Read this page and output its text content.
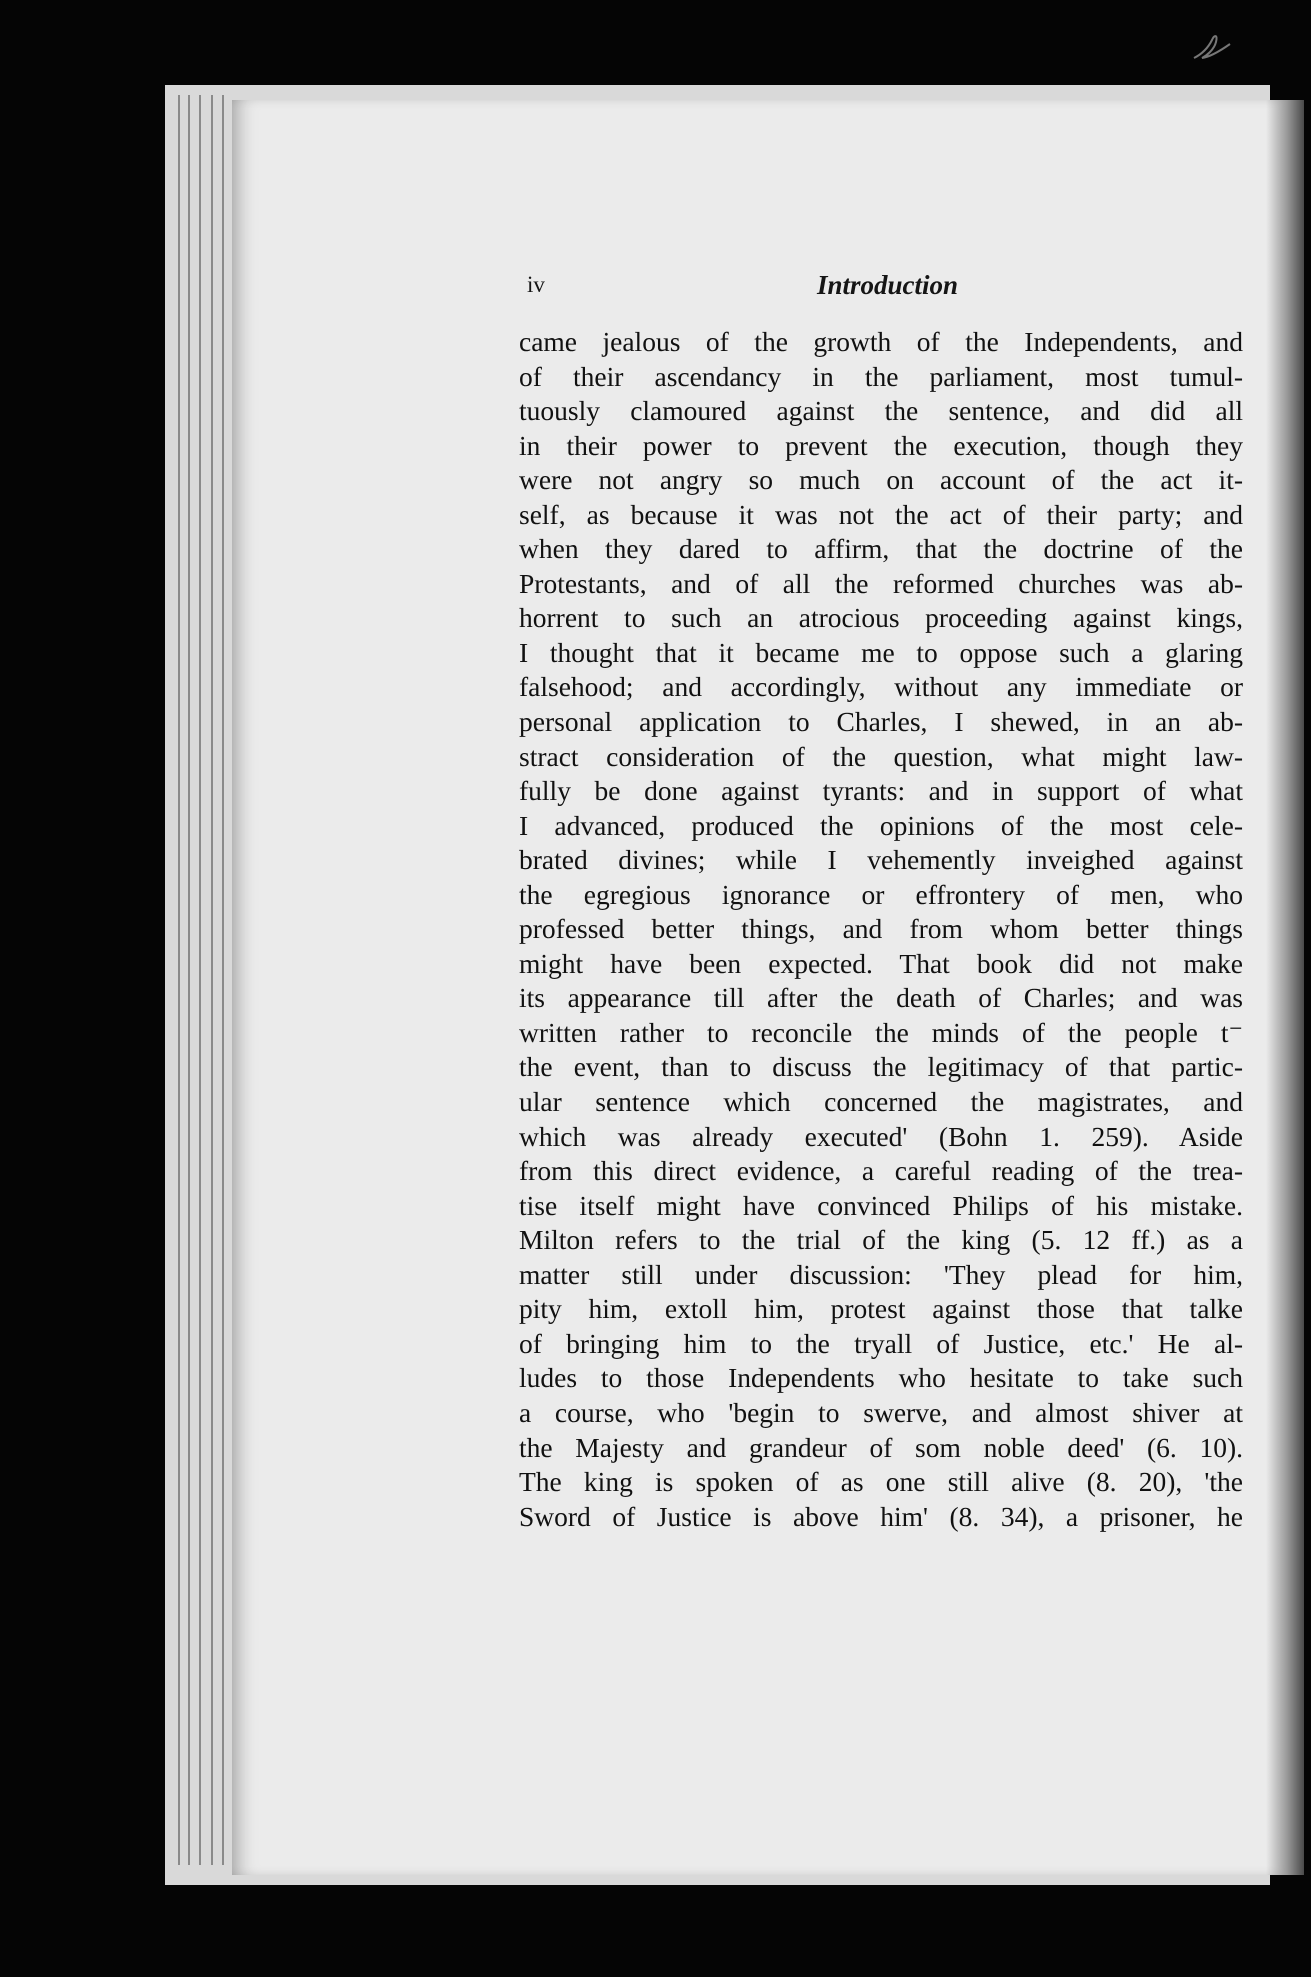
iv	Introduction
came jealous of the growth of the Independents, and
of their ascendancy in the parliament, most tumul-
tuously clamoured against the sentence, and did all
in their power to prevent the execution, though they
were not angry so much on account of the act it-
self, as because it was not the act of their party; and
when they dared to affirm, that the doctrine of the
Protestants, and of all the reformed churches was ab-
horrent to such an atrocious proceeding against kings,
I thought that it became me to oppose such a glaring
falsehood; and accordingly, without any immediate or
personal application to Charles, I shewed, in an ab-
stract consideration of the question, what might law-
fully be done against tyrants: and in support of what
I advanced, produced the opinions of the most cele-
brated divines; while I vehemently inveighed against
the egregious ignorance or effrontery of men, who
professed better things, and from whom better things
might have been expected. That book did not make
its appearance till after the death of Charles; and was
written rather to reconcile the minds of the people t⁻
the event, than to discuss the legitimacy of that partic-
ular sentence which concerned the magistrates, and
which was already executed' (Bohn 1. 259). Aside
from this direct evidence, a careful reading of the trea-
tise itself might have convinced Philips of his mistake.
Milton refers to the trial of the king (5. 12 ff.) as a
matter still under discussion: 'They plead for him,
pity him, extoll him, protest against those that talke
of bringing him to the tryall of Justice, etc.' He al-
ludes to those Independents who hesitate to take such
a course, who 'begin to swerve, and almost shiver at
the Majesty and grandeur of som noble deed' (6. 10).
The king is spoken of as one still alive (8. 20), 'the
Sword of Justice is above him' (8. 34), a prisoner, he
